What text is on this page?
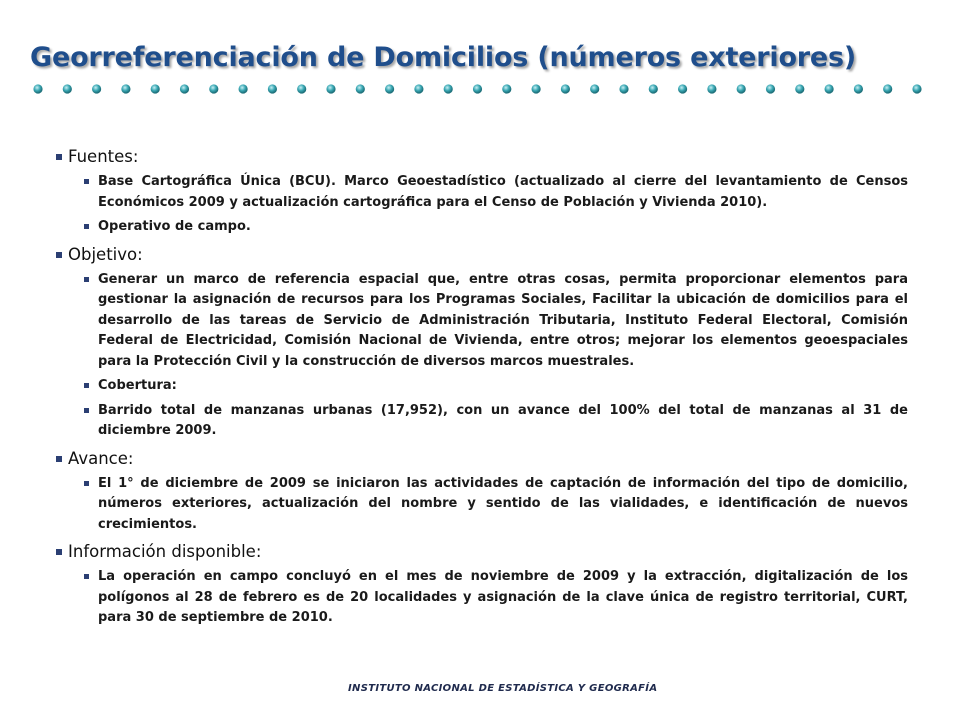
Georreferenciación de Domicilios (números exteriores)
Fuentes:
Base Cartográfica Única (BCU). Marco Geoestadístico (actualizado al cierre del levantamiento de Censos Económicos 2009 y actualización cartográfica para el Censo de Población y Vivienda 2010).
Operativo de campo.
Objetivo:
Generar un marco de referencia espacial que, entre otras cosas, permita proporcionar elementos para gestionar la asignación de recursos para los Programas Sociales, Facilitar la ubicación de domicilios para el desarrollo de las tareas de Servicio de Administración Tributaria, Instituto Federal Electoral, Comisión Federal de Electricidad, Comisión Nacional de Vivienda, entre otros; mejorar los elementos geoespaciales para la Protección Civil y la construcción de diversos marcos muestrales.
Cobertura:
Barrido total de manzanas urbanas (17,952), con un avance del 100% del total de manzanas al 31 de diciembre 2009.
Avance:
El 1° de diciembre de 2009 se iniciaron las actividades de captación de información del tipo de domicilio, números exteriores, actualización del nombre y sentido de las vialidades, e identificación de nuevos crecimientos.
Información disponible:
La operación en campo concluyó en el mes de noviembre de 2009 y la extracción, digitalización de los polígonos al 28 de febrero es de 20 localidades y asignación de la clave única de registro territorial, CURT, para 30 de septiembre de 2010.
INSTITUTO NACIONAL DE ESTADÍSTICA Y GEOGRAFÍA
